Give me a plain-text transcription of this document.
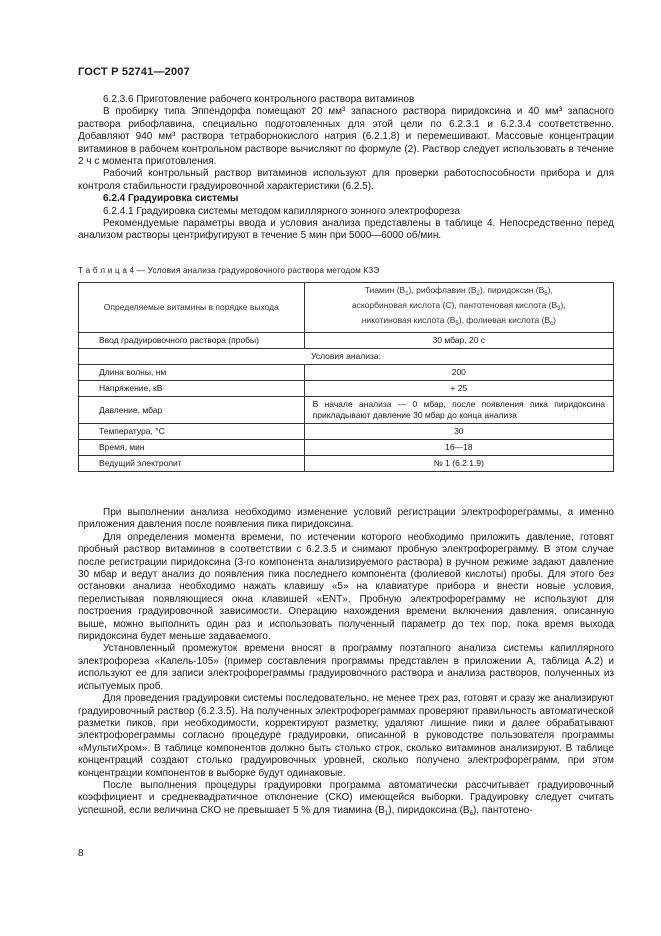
ГОСТ Р 52741—2007

6.2.3.6 Приготовление рабочего контрольного раствора витаминов

В пробирку типа Эппендорфа помещают 20 мм³ запасного раствора пиридоксина и 40 мм³ запасного раствора рибофлавина, специально подготовленных для этой цели по 6.2.3.1 и 6.2.3.4 соответственно. Добавляют 940 мм³ раствора тетраборнокислого натрия (6.2.1.8) и перемешивают. Массовые концентрации витаминов в рабочем контрольном растворе вычисляют по формуле (2). Раствор следует использовать в течение 2 ч с момента приготовления.

Рабочий контрольный раствор витаминов используют для проверки работоспособности прибора и для контроля стабильности градуировочной характеристики (6.2.5).

6.2.4 Градуировка системы

6.2.4.1 Градуировка системы методом капиллярного зонного электрофореза

Рекомендуемые параметры ввода и условия анализа представлены в таблице 4. Непосредственно перед анализом растворы центрифугируют в течение 5 мин при 5000—6000 об/мин.

Т а б л и ц а 4 — Условия анализа градуировочного раствора методом КЗЭ
Определяемые витамины в порядке выхода	Тиамин $(B_1)$, рибофлавин $(B_2)$, пиридоксин $(B_6)$,
аскорбиновая кислота (С), пантотеновая кислота $(B_3)$,
никотиновая кислота $(B_5)$, фолиевая кислота $(B_c)$

Ввод градуировочного раствора (пробы)	30 мбар, 20 с
Условия анализа:	
Длина волны, нм	200
Напряжение, кВ	+ 25
Давление, мбар	В начале анализа — 0 мбар, после появления пика пиридоксина прикладывают давление 30 мбар до конца анализа
Температура, °С	30
Время, мин	16—18
Ведущий электролит	№ 1 (6.2.1.9)

При выполнении анализа необходимо изменение условий регистрации электрофореграммы, а именно приложения давления после появления пика пиридоксина.

Для определения момента времени, по истечении которого необходимо приложить давление, готовят пробный раствор витаминов в соответствии с 6.2.3.5 и снимают пробную электрофореграмму. В этом случае после регистрации пиридоксина (3-го компонента анализируемого раствора) в ручном режиме задают давление 30 мбар и ведут анализ до появления пика последнего компонента (фолиевой кислоты) пробы. Для этого без остановки анализа необходимо нажать клавишу «5» на клавиатуре прибора и внести новые условия, перелистывая появляющиеся окна клавишей «ENT». Пробную электрофореграмму не используют для построения градуировочной зависимости. Операцию нахождения времени включения давления, описанную выше, можно выполнить один раз и использовать полученный параметр до тех пор, пока время выхода пиридоксина будет меньше задаваемого.

Установленный промежуток времени вносят в программу поэтапного анализа системы капиллярного электрофореза «Капель-105» (пример составления программы представлен в приложении А, таблица А.2) и используют ее для записи электрофореграммы градуировочного раствора и анализа растворов, полученных из испытуемых проб.

Для проведения градуировки системы последовательно, не менее трех раз, готовят и сразу же анализируют градуировочный раствор (6.2.3.5). На полученных электрофореграммах проверяют правильность автоматической разметки пиков, при необходимости, корректируют разметку, удаляют лишние пики и далее обрабатывают электрофореграммы согласно процедуре градуировки, описанной в руководстве пользователя программы «МультиХром». В таблице компонентов должно быть столько строк, сколько витаминов анализируют. В таблице концентраций создают столько градуировочных уровней, сколько получено электрофореграмм, при этом концентрации компонентов в выборке будут одинаковые.

После выполнения процедуры градуировки программа автоматически рассчитывает градуировочный коэффициент и среднеквадратичное отклонение (СКО) имеющейся выборки. Градуировку следует считать успешной, если величина СКО не превышает 5 % для тиамина $(B_1)$, пиридоксина $(B_6)$, пантотено-

8
